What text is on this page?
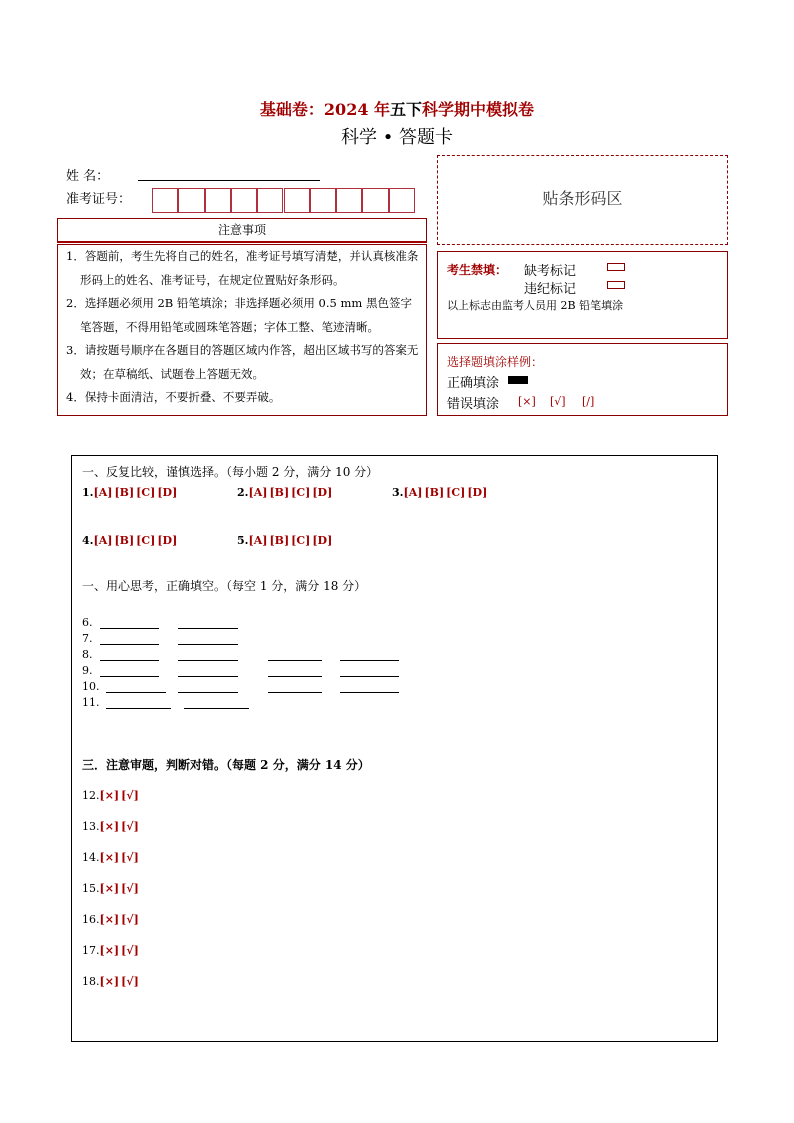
基础卷：2024 年五下科学期中模拟卷
科学 • 答题卡
姓 名：
准考证号：
注意事项

1．答题前，考生先将自己的姓名，准考证号填写清楚，并认真核准条形码上的姓名、准考证号，在规定位置贴好条形码。

2．选择题必须用 2B 铅笔填涂；非选择题必须用 0.5 mm 黑色签字笔答题，不得用铅笔或圆珠笔答题；字体工整、笔迹清晰。

3．请按题号顺序在各题目的答题区域内作答，超出区域书写的答案无效；在草稿纸、试题卷上答题无效。

4．保持卡面清洁，不要折叠、不要弄破。

贴条形码区
考生禁填： 缺考标记
违纪标记
以上标志由监考人员用 2B 铅笔填涂
选择题填涂样例：
正确填涂
错误填涂 [×] [√] [/]
一、反复比较，谨慎选择。（每小题 2 分，满分 10 分）
1.[A] [B] [C] [D]	2.[A] [B] [C] [D]	3.[A] [B] [C] [D]
4.[A] [B] [C] [D]	5.[A] [B] [C] [D]
一、用心思考，正确填空。（每空 1 分，满分 18 分）
6.
7.
8.
9.
10.
11.
三．注意审题，判断对错。（每题 2 分，满分 14 分）
12.[×] [√]
13.[×] [√]
14.[×] [√]
15.[×] [√]
16.[×] [√]
17.[×] [√]
18.[×] [√]
